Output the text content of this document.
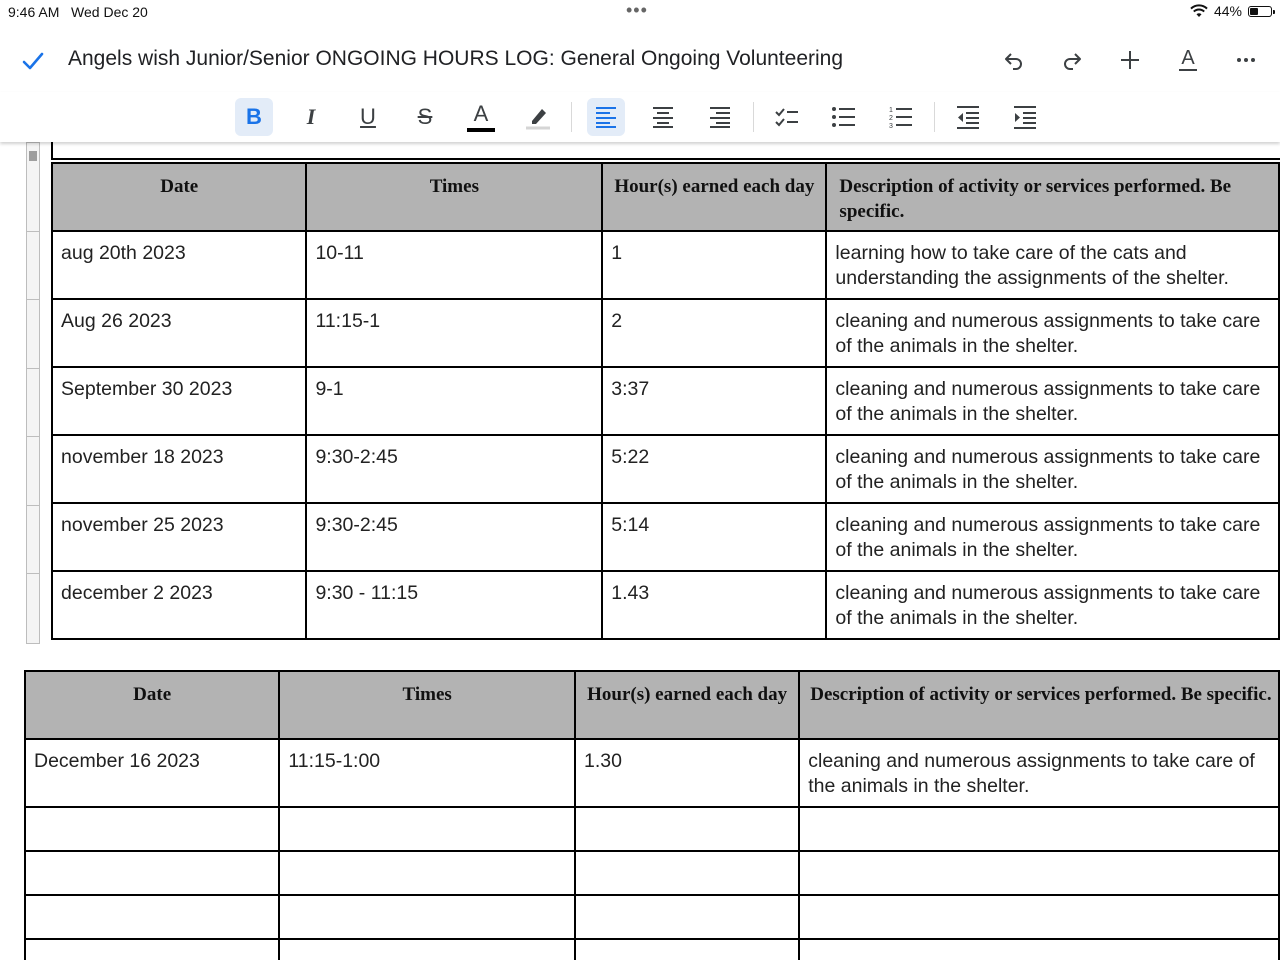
9:46 AM Wed Dec 20	•••	44%
Angels wish Junior/Senior ONGOING HOURS LOG: General Ongoing Volunteering	A
B I U S A	1
2
3
Date	Times	Hour(s) earned each day	Description of activity or services performed. Be specific.
aug 20th 2023	10-11	1	learning how to take care of the cats and understanding the assignments of the shelter.
Aug 26 2023	11:15-1	2	cleaning and numerous assignments to take care of the animals in the shelter.
September 30 2023	9-1	3:37	cleaning and numerous assignments to take care of the animals in the shelter.
november 18 2023	9:30-2:45	5:22	cleaning and numerous assignments to take care of the animals in the shelter.
november 25 2023	9:30-2:45	5:14	cleaning and numerous assignments to take care of the animals in the shelter.
december 2 2023	9:30 - 11:15	1.43	cleaning and numerous assignments to take care of the animals in the shelter.
Date	Times	Hour(s) earned each day	Description of activity or services performed. Be specific.
December 16 2023	11:15-1:00	1.30	cleaning and numerous assignments to take care of the animals in the shelter.
